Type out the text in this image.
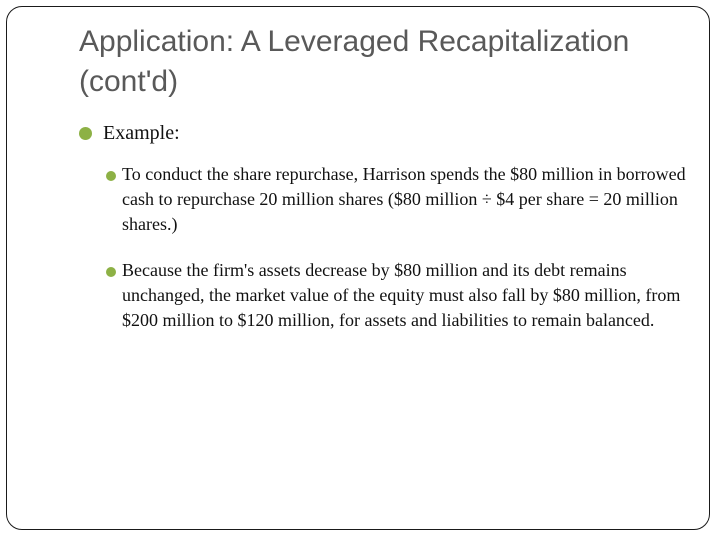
Application: A Leveraged Recapitalization (cont'd)
Example:
To conduct the share repurchase, Harrison spends the $80 million in borrowed cash to repurchase 20 million shares ($80 million ÷ $4 per share = 20 million shares.)
Because the firm's assets decrease by $80 million and its debt remains unchanged, the market value of the equity must also fall by $80 million, from $200 million to $120 million, for assets and liabilities to remain balanced.
